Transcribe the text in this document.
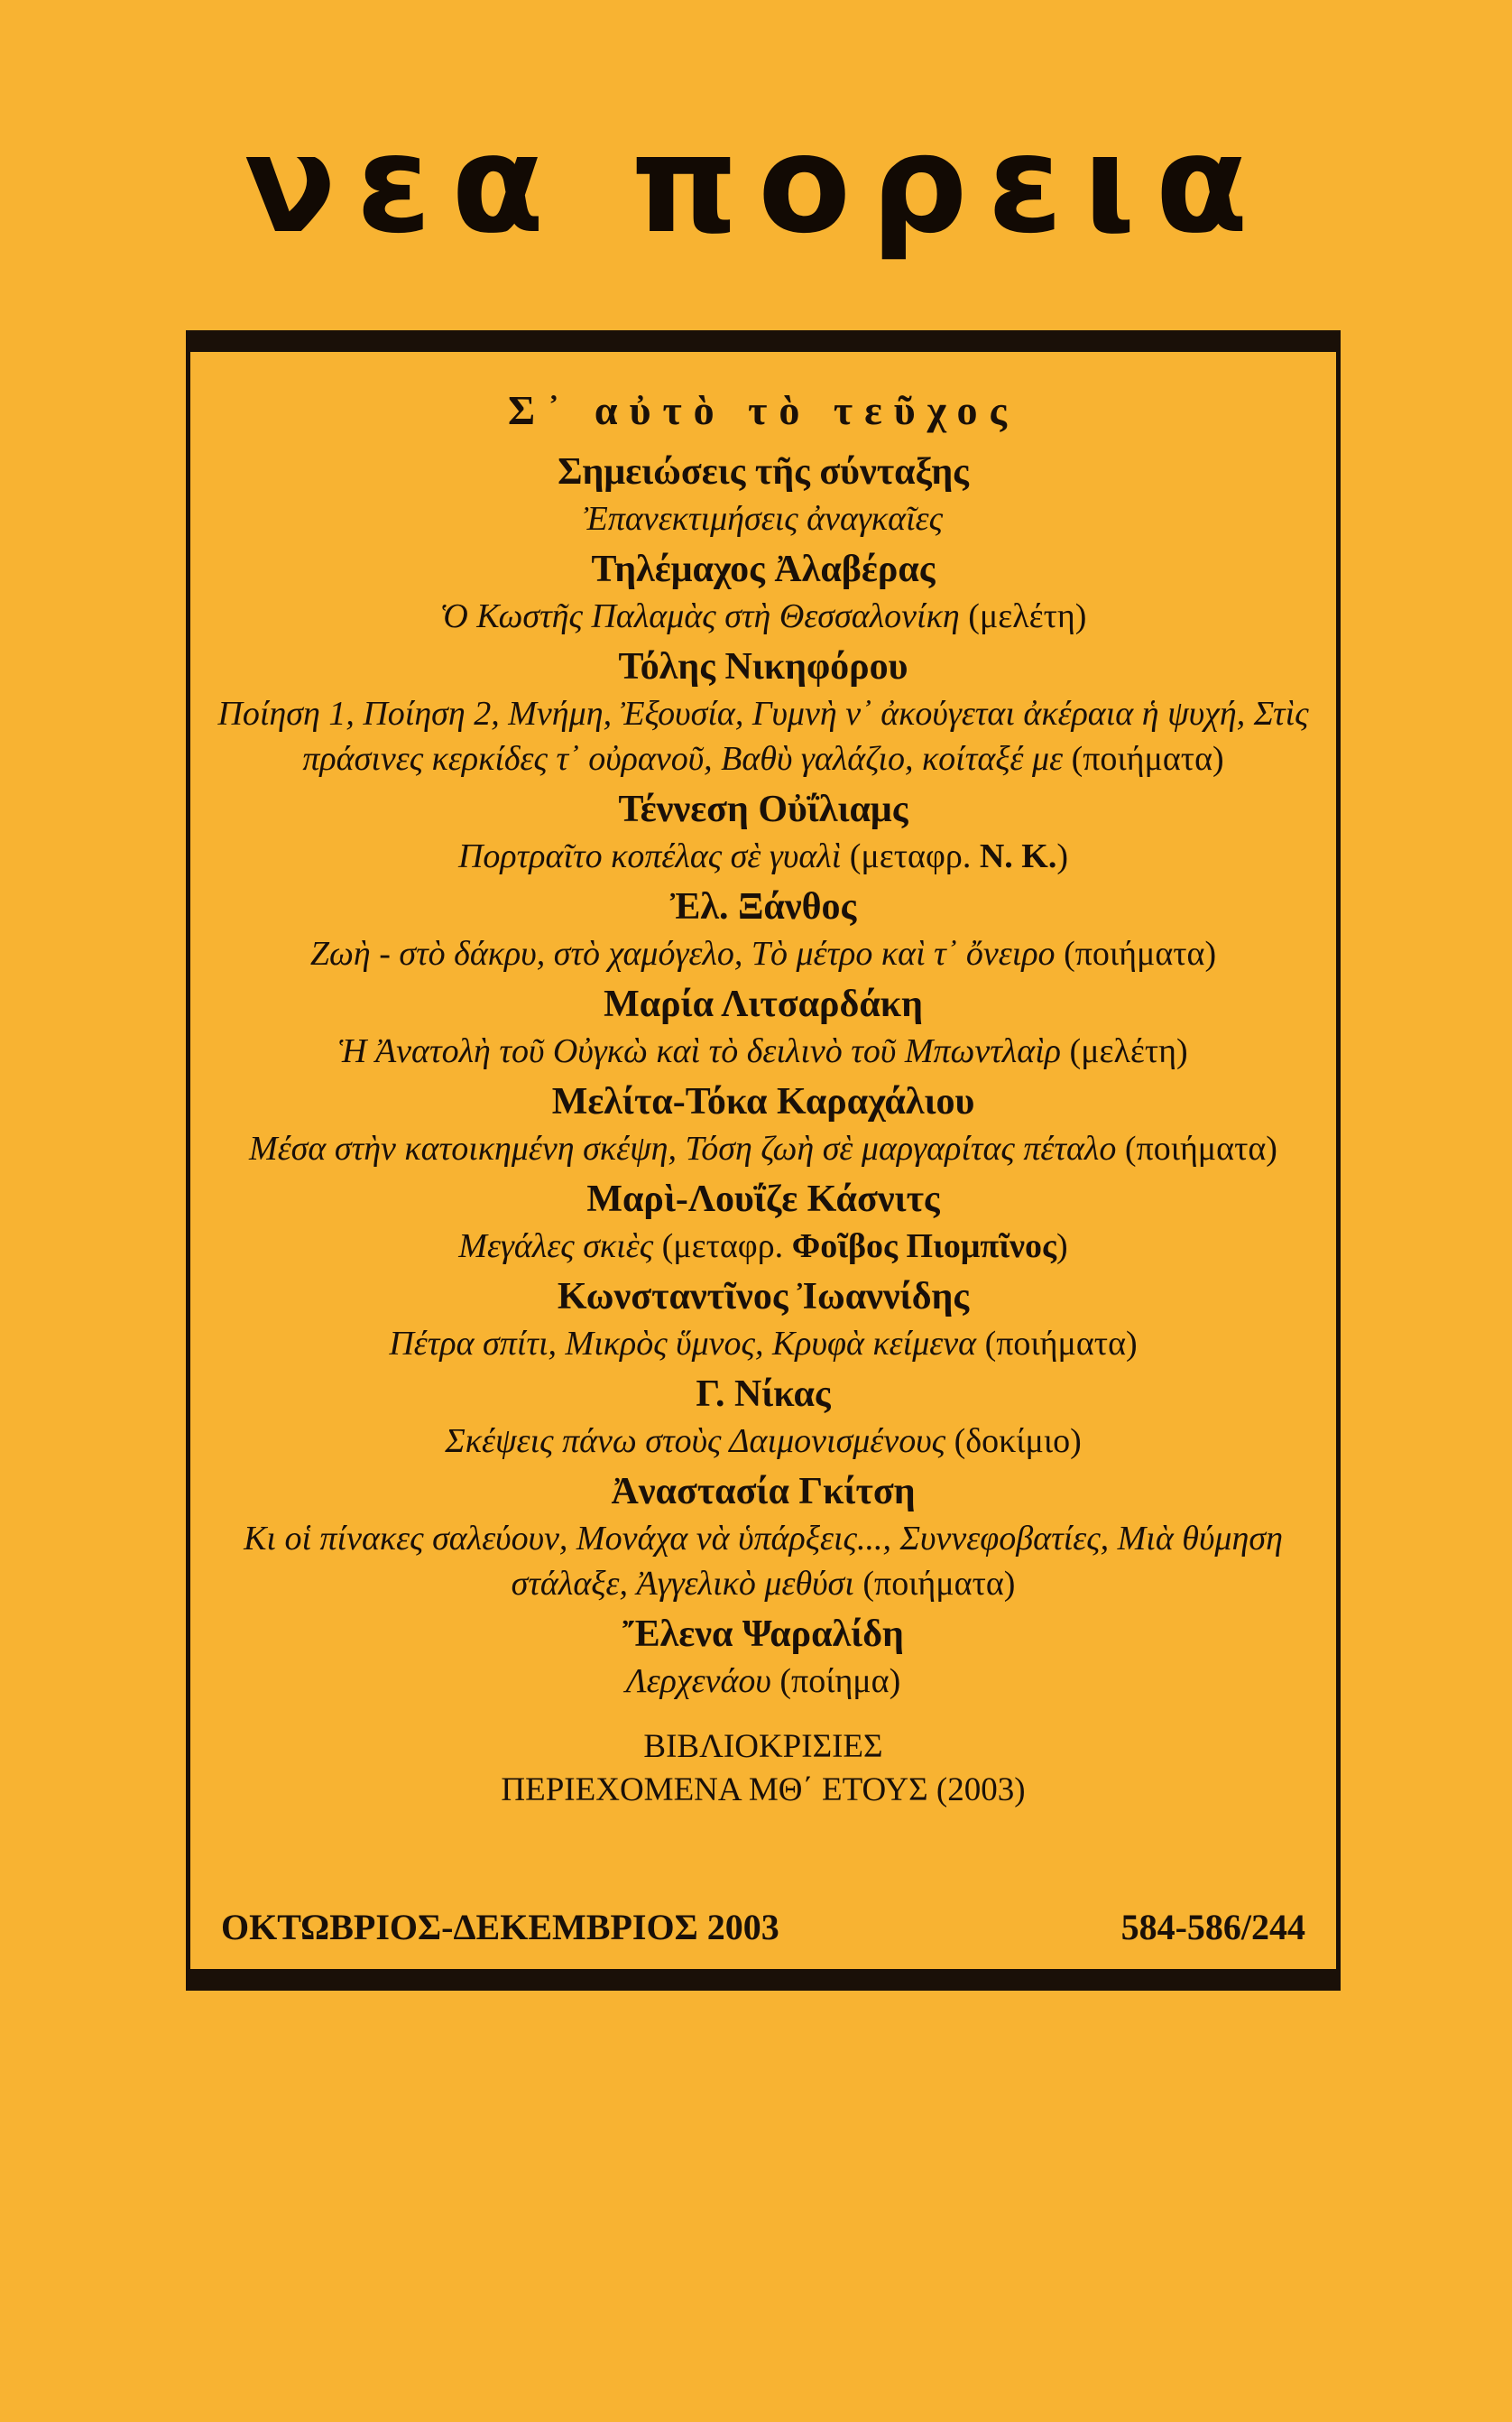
νεα πορεια
Σ᾿ αὐτὸ τὸ τεῦχος
Σημειώσεις τῆς σύνταξης
Ἐπανεκτιμήσεις ἀναγκαῖες
Τηλέμαχος Ἀλαβέρας
Ὁ Κωστῆς Παλαμὰς στὴ Θεσσαλονίκη (μελέτη)
Τόλης Νικηφόρου
Ποίηση 1, Ποίηση 2, Μνήμη, Ἐξουσία, Γυμνὴ ν᾿ ἀκούγεται ἀκέραια ἡ ψυχή, Στὶς πράσινες κερκίδες τ᾿ οὐρανοῦ, Βαθὺ γαλάζιο, κοίταξέ με (ποιήματα)
Τέννεση Οὐΐλιαμς
Πορτραῖτο κοπέλας σὲ γυαλὶ (μεταφρ. Ν. Κ.)
Ἐλ. Ξάνθος
Ζωὴ - στὸ δάκρυ, στὸ χαμόγελο, Τὸ μέτρο καὶ τ᾿ ὄνειρο (ποιήματα)
Μαρία Λιτσαρδάκη
Ἡ Ἀνατολὴ τοῦ Οὐγκὼ καὶ τὸ δειλινὸ τοῦ Μπωντλαὶρ (μελέτη)
Μελίτα-Τόκα Καραχάλιου
Μέσα στὴν κατοικημένη σκέψη, Τόση ζωὴ σὲ μαργαρίτας πέταλο (ποιήματα)
Μαρὶ-Λουΐζε Κάσνιτς
Μεγάλες σκιὲς (μεταφρ. Φοῖβος Πιομπῖνος)
Κωνσταντῖνος Ἰωαννίδης
Πέτρα σπίτι, Μικρὸς ὕμνος, Κρυφὰ κείμενα (ποιήματα)
Γ. Νίκας
Σκέψεις πάνω στοὺς Δαιμονισμένους (δοκίμιο)
Ἀναστασία Γκίτση
Κι οἱ πίνακες σαλεύουν, Μονάχα νὰ ὑπάρξεις..., Συννεφοβατίες, Μιὰ θύμηση στάλαξε, Ἀγγελικὸ μεθύσι (ποιήματα)
Ἔλενα Ψαραλίδη
Λερχενάου (ποίημα)
ΒΙΒΛΙΟΚΡΙΣΙΕΣ
ΠΕΡΙΕΧΟΜΕΝΑ ΜΘ΄ ΕΤΟΥΣ (2003)
ΟΚΤΩΒΡΙΟΣ-ΔΕΚΕΜΒΡΙΟΣ 2003	584-586/244
